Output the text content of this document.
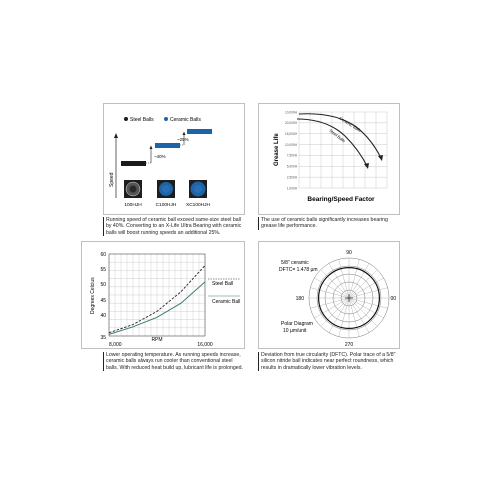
Steel Balls	Ceramic Balls
Speed
~40%
~25%
100HJH	C100HJH XC100HJH
Running speed of ceramic ball exceed same-size steel ball by 40%. Converting to an X-Life Ultra Bearing with ceramic balls will boost running speeds an additional 25%.
10,000H
20,000H
15,000H
10,000H
7,500H
5,000H
2,500H
1,000H
Grease Life
Bearing/Speed Factor
Ceramic Balls
Steel Balls
The use of ceramic balls significantly increases bearing grease life performance.
60
55
50
45
40
35
Degrees Celcius
8,000
RPM
16,000
Steel Ball
Ceramic Ball
Lower operating temperature. As running speeds increase, ceramic balls always run cooler than conventional steel balls. With reduced heat build up, lubricant life is prolonged.
90
00
270
180
5/8" ceramic
DFTC= 1.478 µm
Polar Diagram
10 µm/unit
Deviation from true circularity (DFTC). Polar trace of a 5/8" silicon nitride ball indicates near perfect roundness, which results in dramatically lower vibration levels.
